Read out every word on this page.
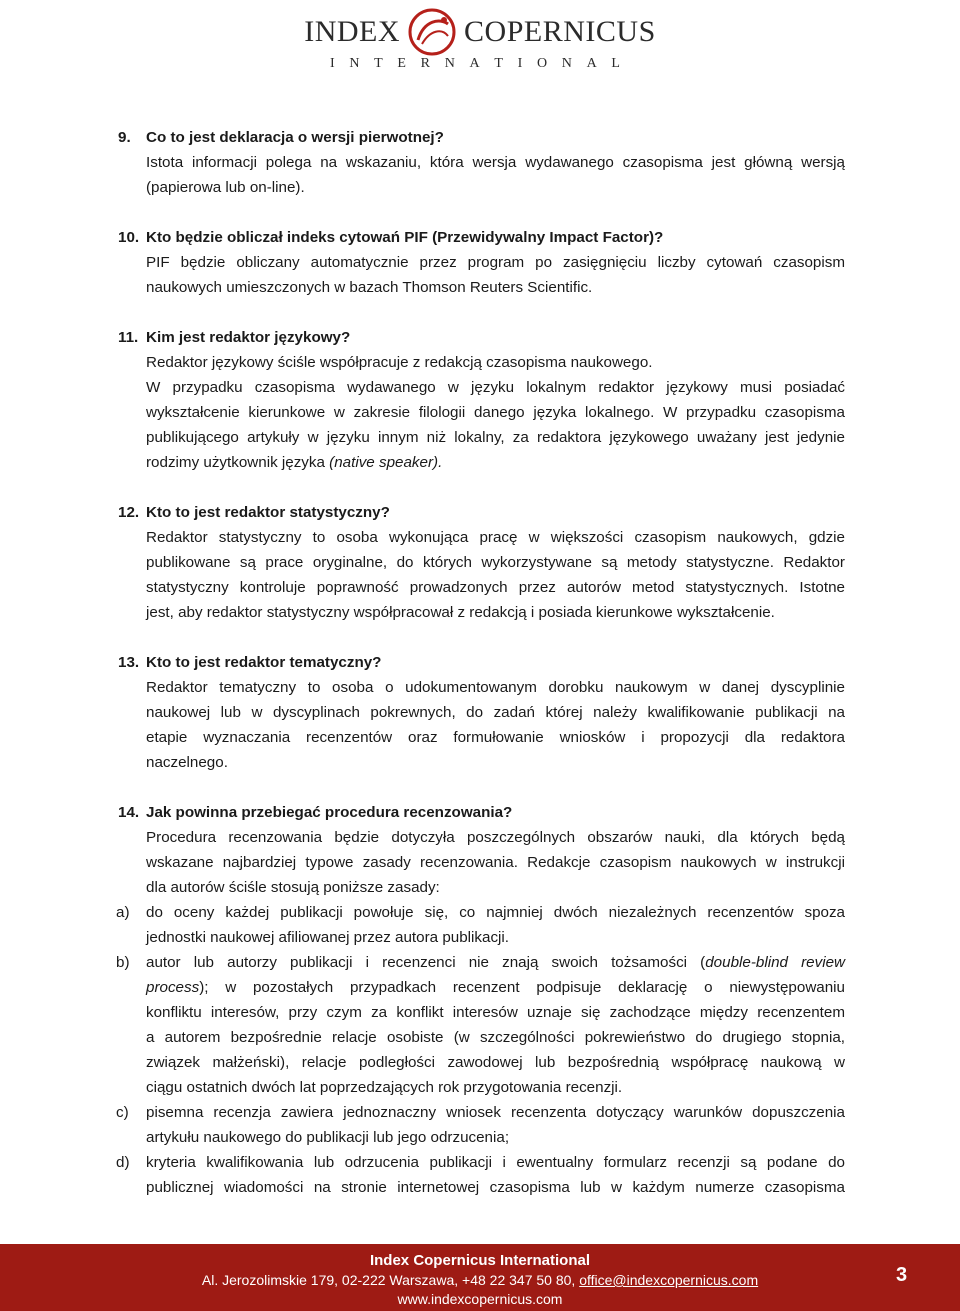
INDEX COPERNICUS
I N T E R N A T I O N A L
9. Co to jest deklaracja o wersji pierwotnej?
Istota informacji polega na wskazaniu, która wersja wydawanego czasopisma jest główną wersją
(papierowa lub on-line).
10. Kto będzie obliczał indeks cytowań PIF (Przewidywalny Impact Factor)?
PIF będzie obliczany automatycznie przez program po zasięgnięciu liczby cytowań czasopism
naukowych umieszczonych w bazach Thomson Reuters Scientific.
11. Kim jest redaktor językowy?
Redaktor językowy ściśle współpracuje z redakcją czasopisma naukowego.
W przypadku czasopisma wydawanego w języku lokalnym redaktor językowy musi posiadać
wykształcenie kierunkowe w zakresie filologii danego języka lokalnego. W przypadku czasopisma
publikującego artykuły w języku innym niż lokalny, za redaktora językowego uważany jest jedynie
rodzimy użytkownik języka (native speaker).
12. Kto to jest redaktor statystyczny?
Redaktor statystyczny to osoba wykonująca pracę w większości czasopism naukowych, gdzie
publikowane są prace oryginalne, do których wykorzystywane są metody statystyczne. Redaktor
statystyczny kontroluje poprawność prowadzonych przez autorów metod statystycznych. Istotne
jest, aby redaktor statystyczny współpracował z redakcją i posiada kierunkowe wykształcenie.
13. Kto to jest redaktor tematyczny?
Redaktor tematyczny to osoba o udokumentowanym dorobku naukowym w danej dyscyplinie
naukowej lub w dyscyplinach pokrewnych, do zadań której należy kwalifikowanie publikacji na
etapie wyznaczania recenzentów oraz formułowanie wniosków i propozycji dla redaktora
naczelnego.
14. Jak powinna przebiegać procedura recenzowania?
Procedura recenzowania będzie dotyczyła poszczególnych obszarów nauki, dla których będą
wskazane najbardziej typowe zasady recenzowania. Redakcje czasopism naukowych w instrukcji
dla autorów ściśle stosują poniższe zasady:
a) do oceny każdej publikacji powołuje się, co najmniej dwóch niezależnych recenzentów spoza
jednostki naukowej afiliowanej przez autora publikacji.
b) autor lub autorzy publikacji i recenzenci nie znają swoich tożsamości (double-blind review
process); w pozostałych przypadkach recenzent podpisuje deklarację o niewystępowaniu
konfliktu interesów, przy czym za konflikt interesów uznaje się zachodzące między recenzentem
a autorem bezpośrednie relacje osobiste (w szczególności pokrewieństwo do drugiego stopnia,
związek małżeński), relacje podległości zawodowej lub bezpośrednią współpracę naukową w
ciągu ostatnich dwóch lat poprzedzających rok przygotowania recenzji.
c) pisemna recenzja zawiera jednoznaczny wniosek recenzenta dotyczący warunków dopuszczenia
artykułu naukowego do publikacji lub jego odrzucenia;
d) kryteria kwalifikowania lub odrzucenia publikacji i ewentualny formularz recenzji są podane do
publicznej wiadomości na stronie internetowej czasopisma lub w każdym numerze czasopisma
Index Copernicus International
Al. Jerozolimskie 179, 02-222 Warszawa, +48 22 347 50 80, office@indexcopernicus.com
www.indexcopernicus.com
3
